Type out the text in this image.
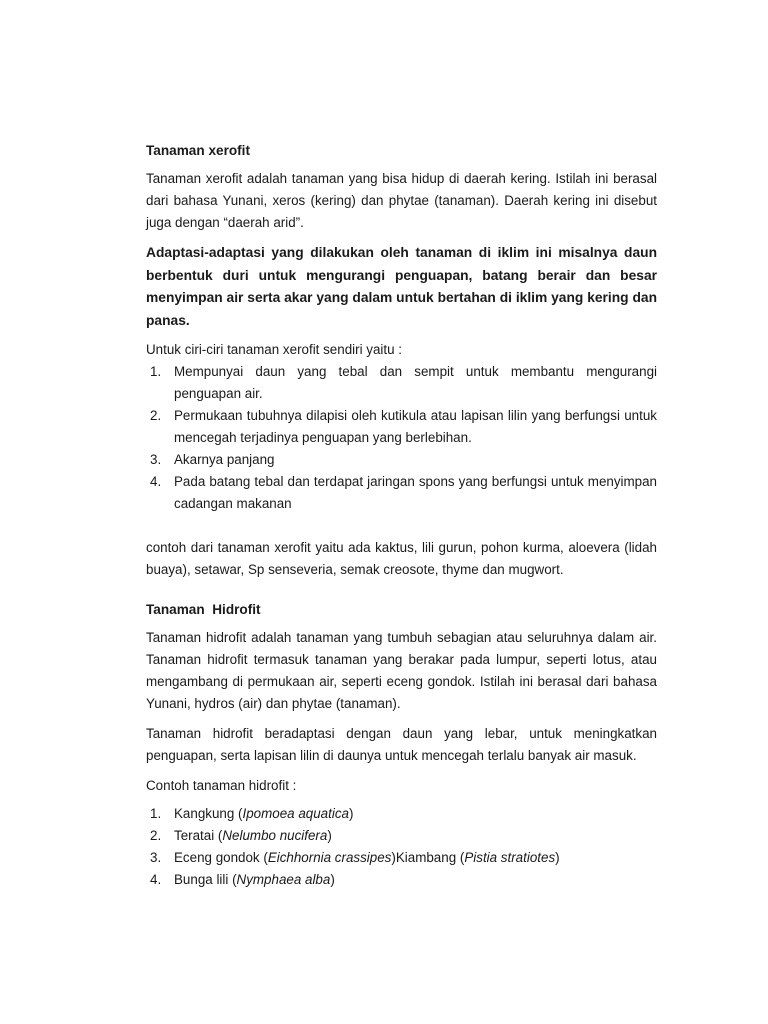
Tanaman xerofit

Tanaman xerofit adalah tanaman yang bisa hidup di daerah kering. Istilah ini berasal dari bahasa Yunani, xeros (kering) dan phytae (tanaman). Daerah kering ini disebut juga dengan “daerah arid”.

Adaptasi-adaptasi yang dilakukan oleh tanaman di iklim ini misalnya daun berbentuk duri untuk mengurangi penguapan, batang berair dan besar menyimpan air serta akar yang dalam untuk bertahan di iklim yang kering dan panas.

Untuk ciri-ciri tanaman xerofit sendiri yaitu :

1. Mempunyai daun yang tebal dan sempit untuk membantu mengurangi penguapan air.
2. Permukaan tubuhnya dilapisi oleh kutikula atau lapisan lilin yang berfungsi untuk mencegah terjadinya penguapan yang berlebihan.
3. Akarnya panjang
4. Pada batang tebal dan terdapat jaringan spons yang berfungsi untuk menyimpan cadangan makanan

contoh dari tanaman xerofit yaitu ada kaktus, lili gurun, pohon kurma, aloevera (lidah buaya), setawar, Sp senseveria, semak creosote, thyme dan mugwort.

Tanaman  Hidrofit

Tanaman hidrofit adalah tanaman yang tumbuh sebagian atau seluruhnya dalam air. Tanaman hidrofit termasuk tanaman yang berakar pada lumpur, seperti lotus, atau mengambang di permukaan air, seperti eceng gondok. Istilah ini berasal dari bahasa Yunani, hydros (air) dan phytae (tanaman).

Tanaman hidrofit beradaptasi dengan daun yang lebar, untuk meningkatkan penguapan, serta lapisan lilin di daunya untuk mencegah terlalu banyak air masuk.

Contoh tanaman hidrofit :

1. Kangkung (Ipomoea aquatica)
2. Teratai (Nelumbo nucifera)
3. Eceng gondok (Eichhornia crassipes)Kiambang (Pistia stratiotes)
4. Bunga lili (Nymphaea alba)
